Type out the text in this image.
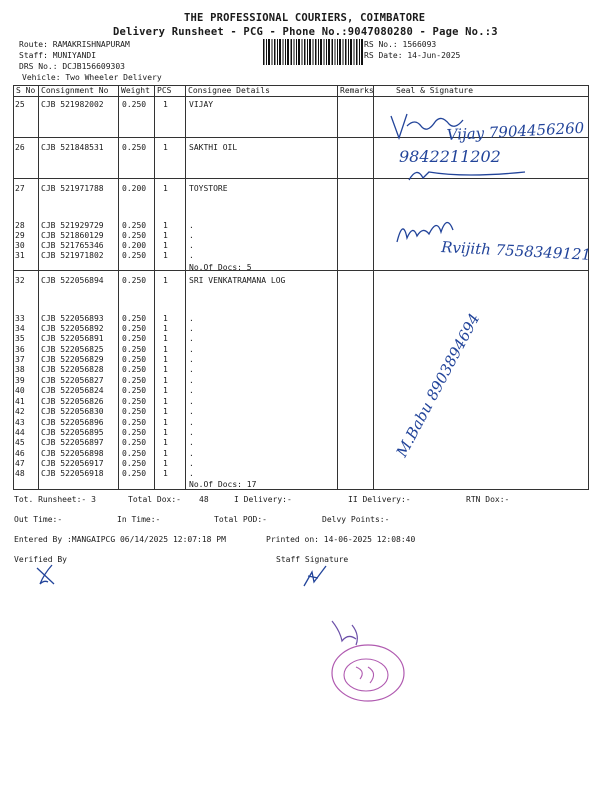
THE PROFESSIONAL COURIERS, COIMBATORE
Delivery Runsheet - PCG - Phone No.:9047080280 - Page No.:3
Route: RAMAKRISHNAPURAM
Staff: MUNIYANDI
DRS No.: DCJB156609303
Vehicle: Two Wheeler Delivery
RS No.: 1566093
RS Date: 14-Jun-2025
S No	Consignment No	Weight	PCS	Consignee Details	Remarks	Seal & Signature

25 CJB 521982002 0.250 1	VIJAY
26 CJB 521848531 0.250 1	SAKTHI OIL
27 CJB 521971788 0.200 1	TOYSTORE
28 CJB 521929729 0.250 1	.
29 CJB 521860129 0.250 1	.
30 CJB 521765346 0.200 1	.
31 CJB 521971802 0.250 1	.
32 CJB 522056894 0.250 1	SRI VENKATRAMANA LOG
33 CJB 522056893 0.250 1	.
34 CJB 522056892 0.250 1	.
35 CJB 522056891 0.250 1	.
36 CJB 522056825 0.250 1	.
37 CJB 522056829 0.250 1	.
38 CJB 522056828 0.250 1	.
39 CJB 522056827 0.250 1	.
40 CJB 522056824 0.250 1	.
41 CJB 522056826 0.250 1	.
42 CJB 522056830 0.250 1	.
43 CJB 522056896 0.250 1	.
44 CJB 522056895 0.250 1	.
45 CJB 522056897 0.250 1	.
46 CJB 522056898 0.250 1	.
47 CJB 522056917 0.250 1	.
48 CJB 522056918 0.250 1	.
No.Of Docs: 5
No.Of Docs: 17
Vijay 7904456260
9842211202
Rvijith 7558349121
M.Babu 8903894694
Tot. Runsheet:- 3	Total Dox:- 48	I Delivery:-	II Delivery:-	RTN Dox:-
Out Time:-	In Time:-	Total POD:-	Delvy Points:-
Entered By :MANGAIPCG 06/14/2025 12:07:18 PM	Printed on: 14-06-2025 12:08:40
Verified By	Staff Signature
